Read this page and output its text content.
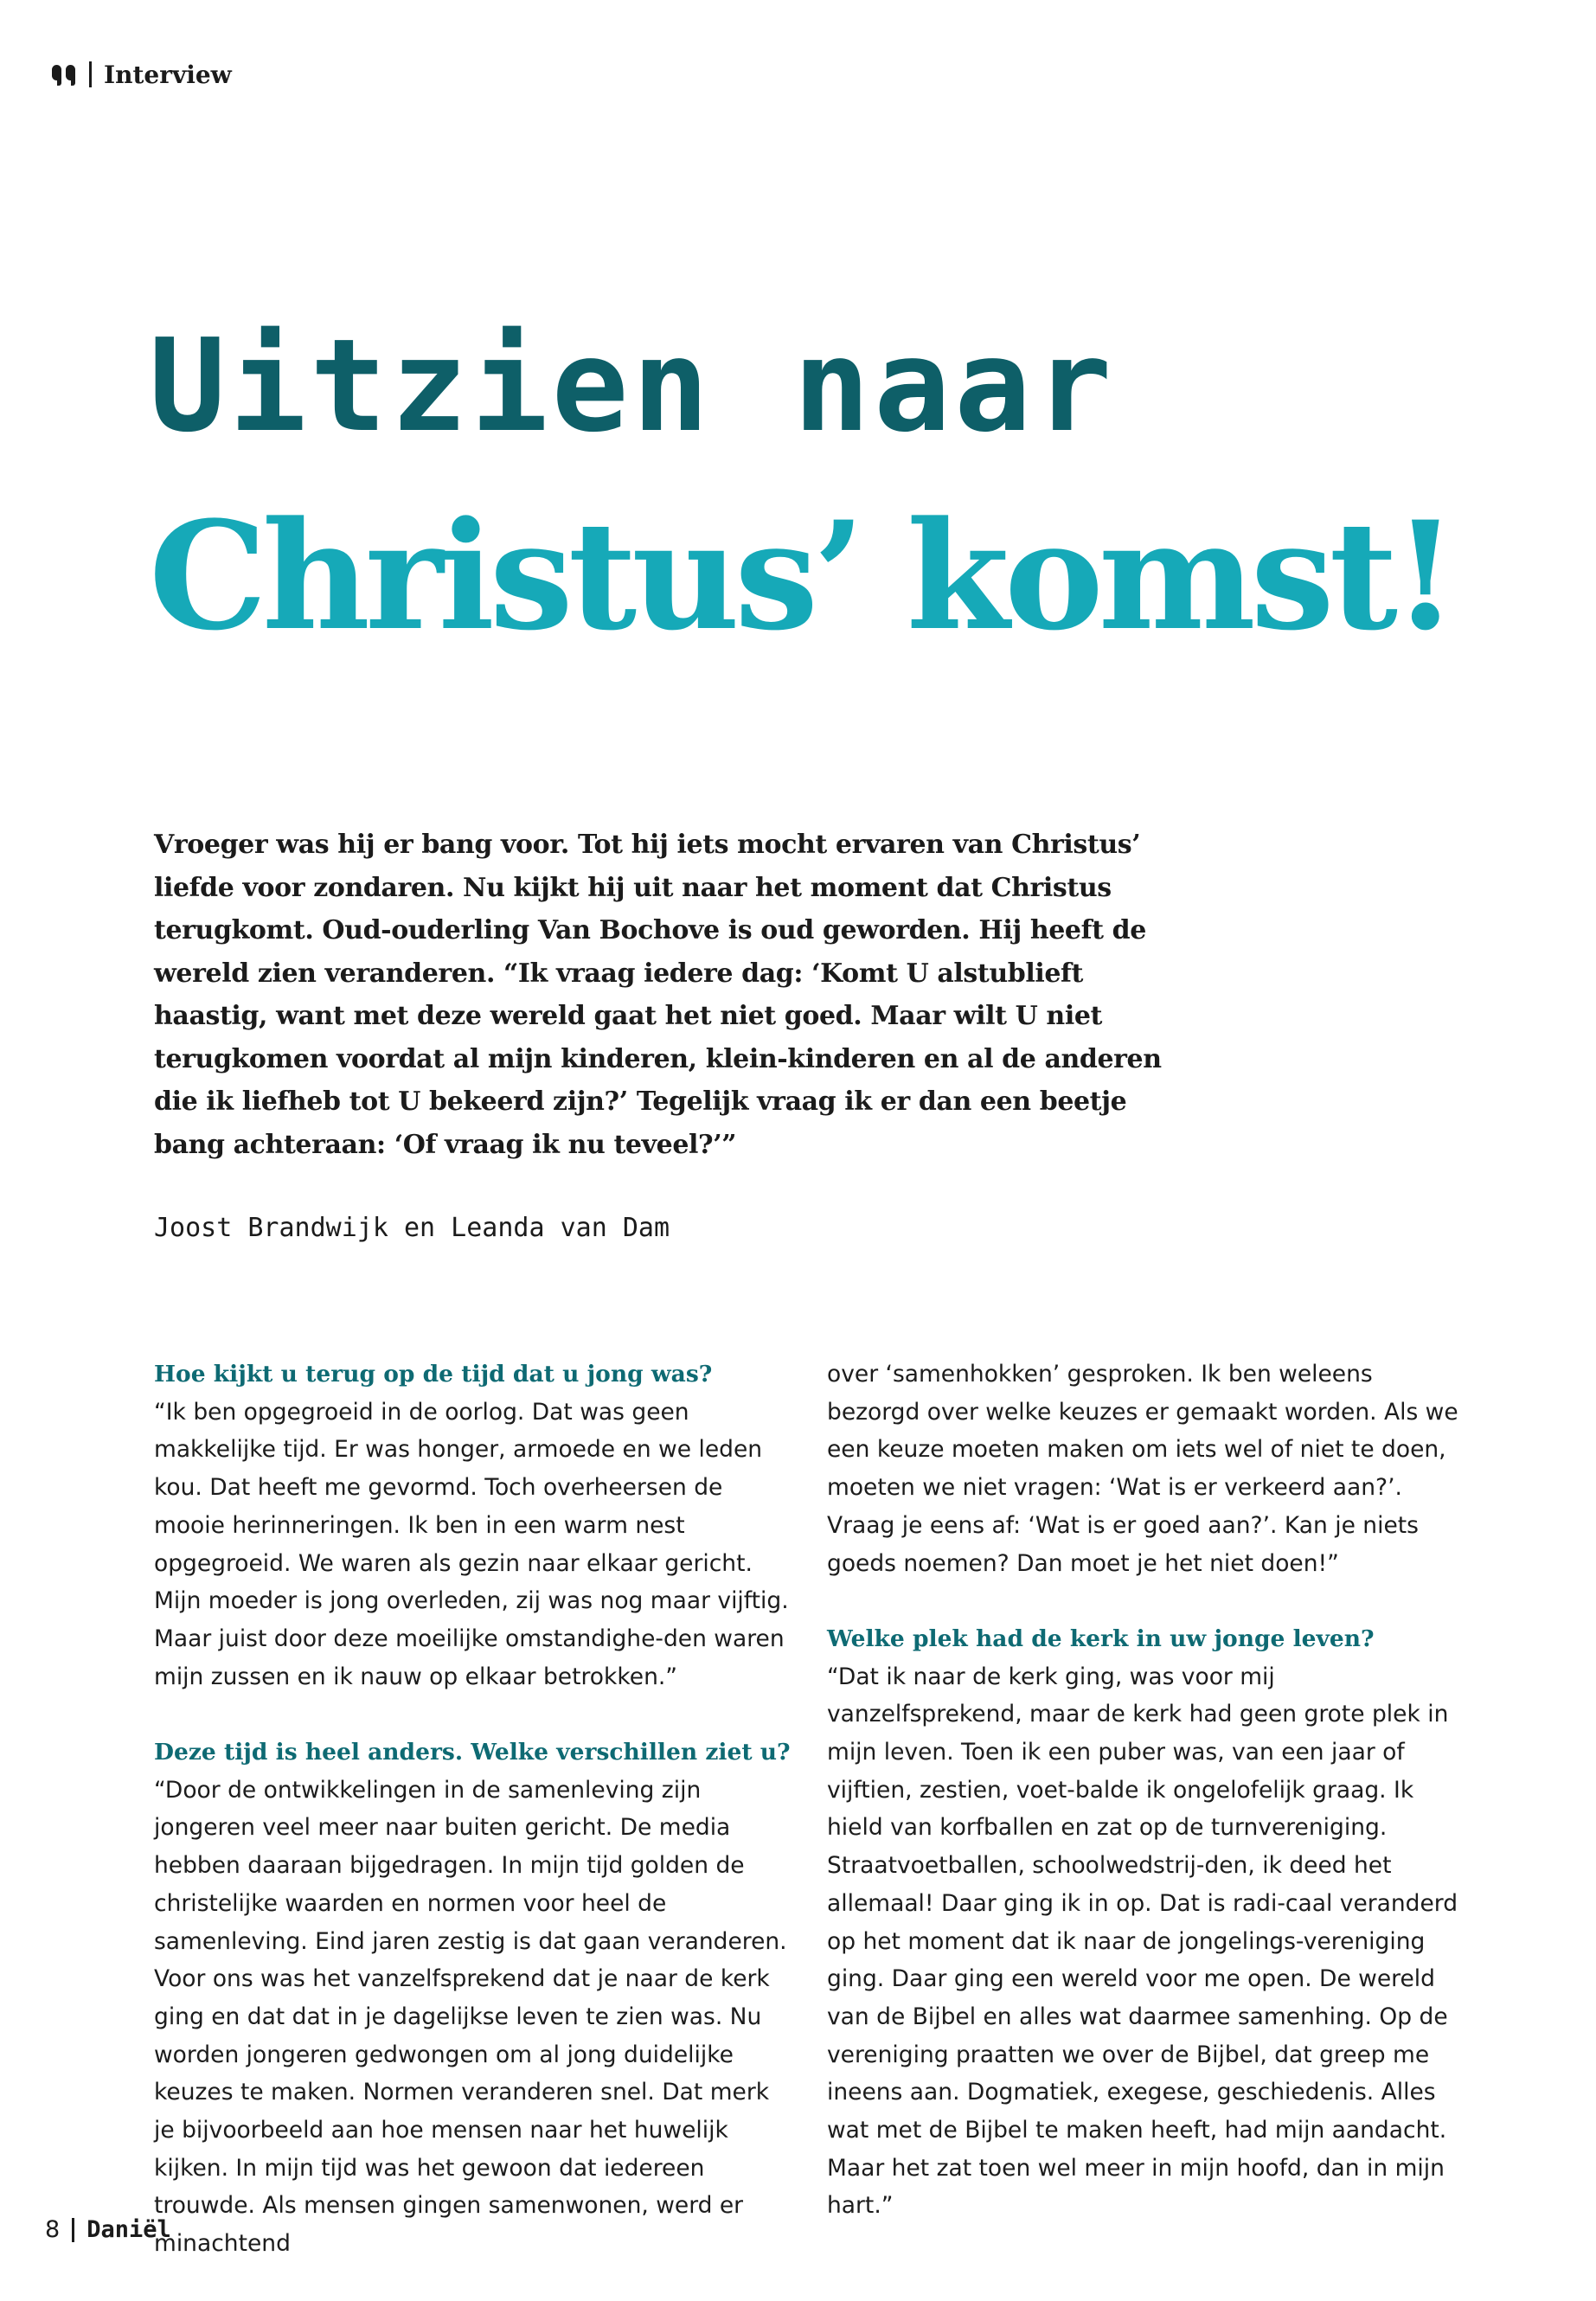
Interview
Uitzien naar
Christus’ komst!

Vroeger was hij er bang voor. Tot hij iets mocht ervaren van Christus’ liefde voor zondaren. Nu kijkt hij uit naar het moment dat Christus terugkomt. Oud-ouderling Van Bochove is oud geworden. Hij heeft de wereld zien veranderen. “Ik vraag iedere dag: ‘Komt U alstublieft haastig, want met deze wereld gaat het niet goed. Maar wilt U niet terugkomen voordat al mijn kinderen, klein-kinderen en al de anderen die ik liefheb tot U bekeerd zijn?’ Tegelijk vraag ik er dan een beetje bang achteraan: ‘Of vraag ik nu teveel?’”

Joost Brandwijk en Leanda van Dam

Hoe kijkt u terug op de tijd dat u jong was?

“Ik ben opgegroeid in de oorlog. Dat was geen makkelijke tijd. Er was honger, armoede en we leden kou. Dat heeft me gevormd. Toch overheersen de mooie herinneringen. Ik ben in een warm nest opgegroeid. We waren als gezin naar elkaar gericht. Mijn moeder is jong overleden, zij was nog maar vijftig. Maar juist door deze moeilijke omstandighe-den waren mijn zussen en ik nauw op elkaar betrokken.”

Deze tijd is heel anders. Welke verschillen ziet u?

“Door de ontwikkelingen in de samenleving zijn jongeren veel meer naar buiten gericht. De media hebben daaraan bijgedragen. In mijn tijd golden de christelijke waarden en normen voor heel de samenleving. Eind jaren zestig is dat gaan veranderen. Voor ons was het vanzelfsprekend dat je naar de kerk ging en dat dat in je dagelijkse leven te zien was. Nu worden jongeren gedwongen om al jong duidelijke keuzes te maken. Normen veranderen snel. Dat merk je bijvoorbeeld aan hoe mensen naar het huwelijk kijken. In mijn tijd was het gewoon dat iedereen trouwde. Als mensen gingen samenwonen, werd er minachtend

over ‘samenhokken’ gesproken. Ik ben weleens bezorgd over welke keuzes er gemaakt worden. Als we een keuze moeten maken om iets wel of niet te doen, moeten we niet vragen: ‘Wat is er verkeerd aan?’. Vraag je eens af: ‘Wat is er goed aan?’. Kan je niets goeds noemen? Dan moet je het niet doen!”

Welke plek had de kerk in uw jonge leven?

“Dat ik naar de kerk ging, was voor mij vanzelfsprekend, maar de kerk had geen grote plek in mijn leven. Toen ik een puber was, van een jaar of vijftien, zestien, voet-balde ik ongelofelijk graag. Ik hield van korfballen en zat op de turnvereniging. Straatvoetballen, schoolwedstrij-den, ik deed het allemaal! Daar ging ik in op. Dat is radi-caal veranderd op het moment dat ik naar de jongelings-vereniging ging. Daar ging een wereld voor me open. De wereld van de Bijbel en alles wat daarmee samenhing. Op de vereniging praatten we over de Bijbel, dat greep me ineens aan. Dogmatiek, exegese, geschiedenis. Alles wat met de Bijbel te maken heeft, had mijn aandacht. Maar het zat toen wel meer in mijn hoofd, dan in mijn hart.”

8 Daniël
